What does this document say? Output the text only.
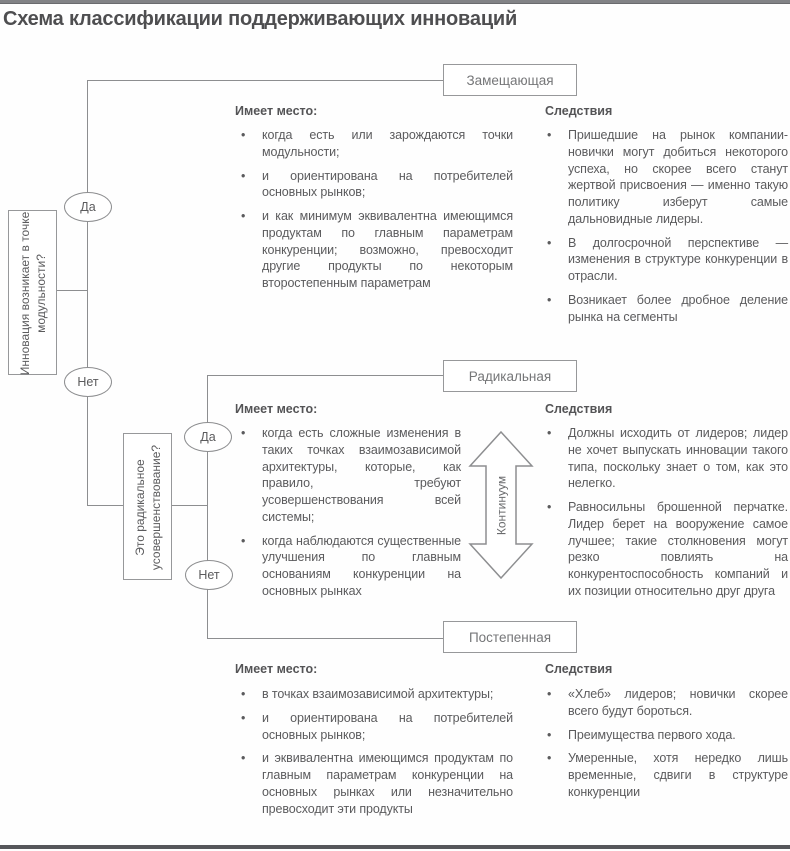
Схема классификации поддерживающих инноваций
Инновация возникает в точке модульности?
Это радикальное усовершенствование?
Да
Нет
Да
Нет
Замещающая
Радикальная
Постепенная
Континуум
Имеет место:
• когда есть или зарождаются точки модульности;
• и ориентирована на потребителей основных рынков;
• и как минимум эквивалентна имеющимся продуктам по главным параметрам конкуренции; возможно, превосходит другие продукты по некоторым второстепенным параметрам
Следствия
• Пришедшие на рынок компании-новички могут добиться некоторого успеха, но скорее всего станут жертвой присвоения — именно такую политику изберут самые дальновидные лидеры.
• В долгосрочной перспективе — изменения в структуре конкуренции в отрасли.
• Возникает более дробное деление рынка на сегменты
Имеет место:
• когда есть сложные изменения в таких точках взаимозависимой архитектуры, которые, как правило, требуют усовершенствования всей системы;
• когда наблюдаются существенные улучшения по главным основаниям конкуренции на основных рынках
Следствия
• Должны исходить от лидеров; лидер не хочет выпускать инновации такого типа, поскольку знает о том, как это нелегко.
• Равносильны брошенной перчатке. Лидер берет на вооружение самое лучшее; такие столкновения могут резко повлиять на конкурентоспособность компаний и их позиции относительно друг друга
Имеет место:
• в точках взаимозависимой архитектуры;
• и ориентирована на потребителей основных рынков;
• и эквивалентна имеющимся продуктам по главным параметрам конкуренции на основных рынках или незначительно превосходит эти продукты
Следствия
• «Хлеб» лидеров; новички скорее всего будут бороться.
• Преимущества первого хода.
• Умеренные, хотя нередко лишь временные, сдвиги в структуре конкуренции
